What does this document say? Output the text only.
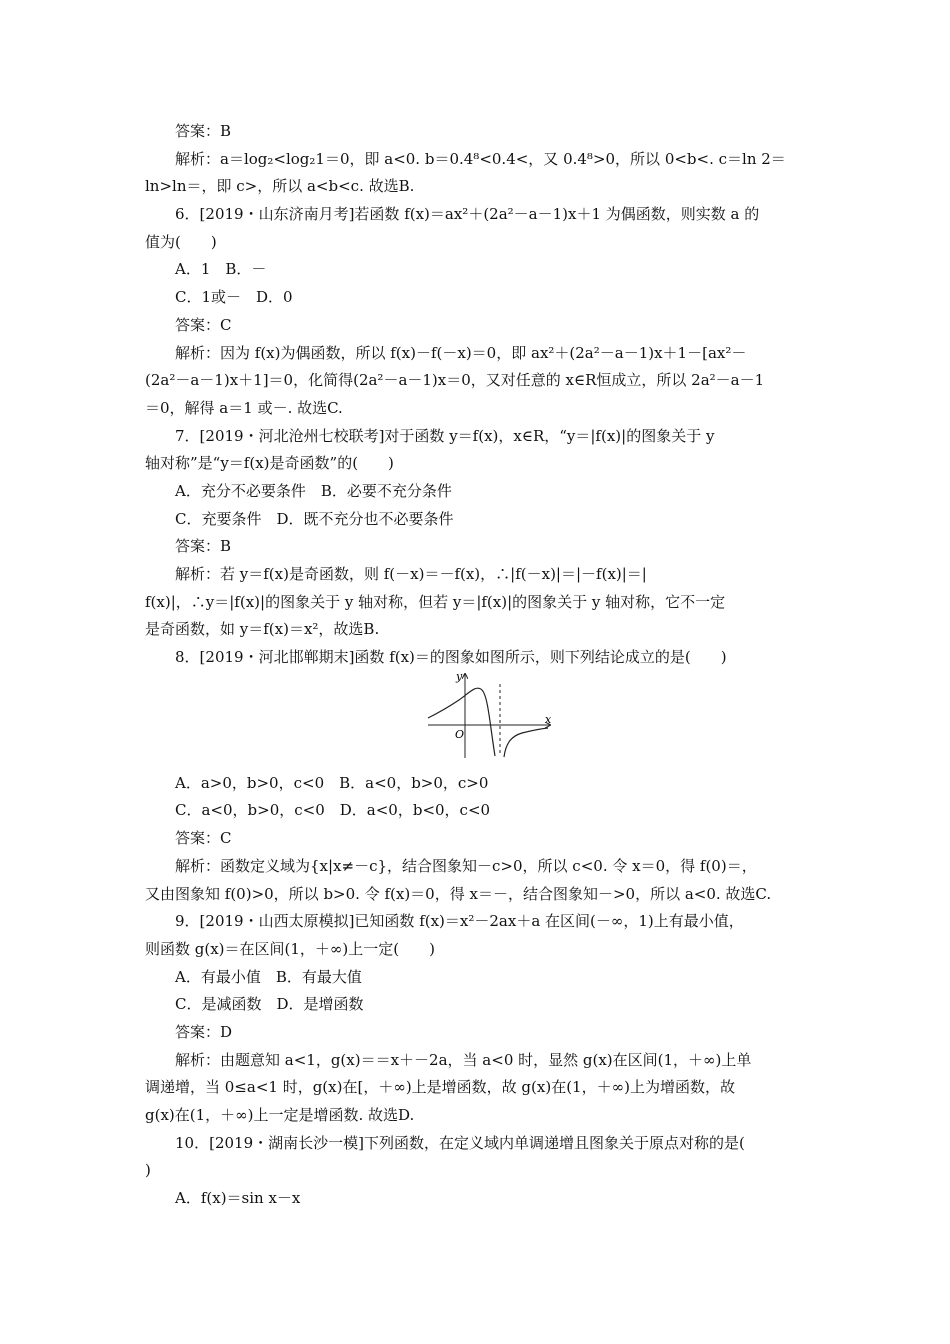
答案：B
解析：a＝log₂<log₂1＝0，即 a<0. b＝0.4⁸<0.4<，又 0.4⁸>0，所以 0<b<. c＝ln 2＝
ln>ln＝，即 c>，所以 a<b<c. 故选B.
6．[2019・山东济南月考]若函数 f(x)＝ax²＋(2a²－a－1)x＋1 为偶函数，则实数 a 的
值为(　　)
A．1　B．－
C．1或－　D．0
答案：C
解析：因为 f(x)为偶函数，所以 f(x)－f(－x)＝0，即 ax²＋(2a²－a－1)x＋1－[ax²－
(2a²－a－1)x＋1]＝0，化简得(2a²－a－1)x＝0，又对任意的 x∈R恒成立，所以 2a²－a－1
＝0，解得 a＝1 或－. 故选C.
7．[2019・河北沧州七校联考]对于函数 y＝f(x)，x∈R，“y＝|f(x)|的图象关于 y
轴对称”是“y＝f(x)是奇函数”的(　　)
A．充分不必要条件　B．必要不充分条件
C．充要条件　D．既不充分也不必要条件
答案：B
解析：若 y＝f(x)是奇函数，则 f(－x)＝－f(x)，∴|f(－x)|＝|－f(x)|＝|
f(x)|，∴y＝|f(x)|的图象关于 y 轴对称，但若 y＝|f(x)|的图象关于 y 轴对称，它不一定
是奇函数，如 y＝f(x)＝x²，故选B.
8．[2019・河北邯郸期末]函数 f(x)＝的图象如图所示，则下列结论成立的是(　　)
y
x
O
A．a>0，b>0，c<0　B．a<0，b>0，c>0
C．a<0，b>0，c<0　D．a<0，b<0，c<0
答案：C
解析：函数定义域为{x|x≠－c}，结合图象知－c>0，所以 c<0. 令 x＝0，得 f(0)＝，
又由图象知 f(0)>0，所以 b>0. 令 f(x)＝0，得 x＝－，结合图象知－>0，所以 a<0. 故选C.
9．[2019・山西太原模拟]已知函数 f(x)＝x²－2ax＋a 在区间(－∞，1)上有最小值，
则函数 g(x)＝在区间(1，＋∞)上一定(　　)
A．有最小值　B．有最大值
C．是减函数　D．是增函数
答案：D
解析：由题意知 a<1，g(x)＝＝x＋－2a，当 a<0 时，显然 g(x)在区间(1，＋∞)上单
调递增，当 0≤a<1 时，g(x)在[，＋∞)上是增函数，故 g(x)在(1，＋∞)上为增函数，故
g(x)在(1，＋∞)上一定是增函数. 故选D.
10．[2019・湖南长沙一模]下列函数，在定义域内单调递增且图象关于原点对称的是(
)
A．f(x)＝sin x－x
